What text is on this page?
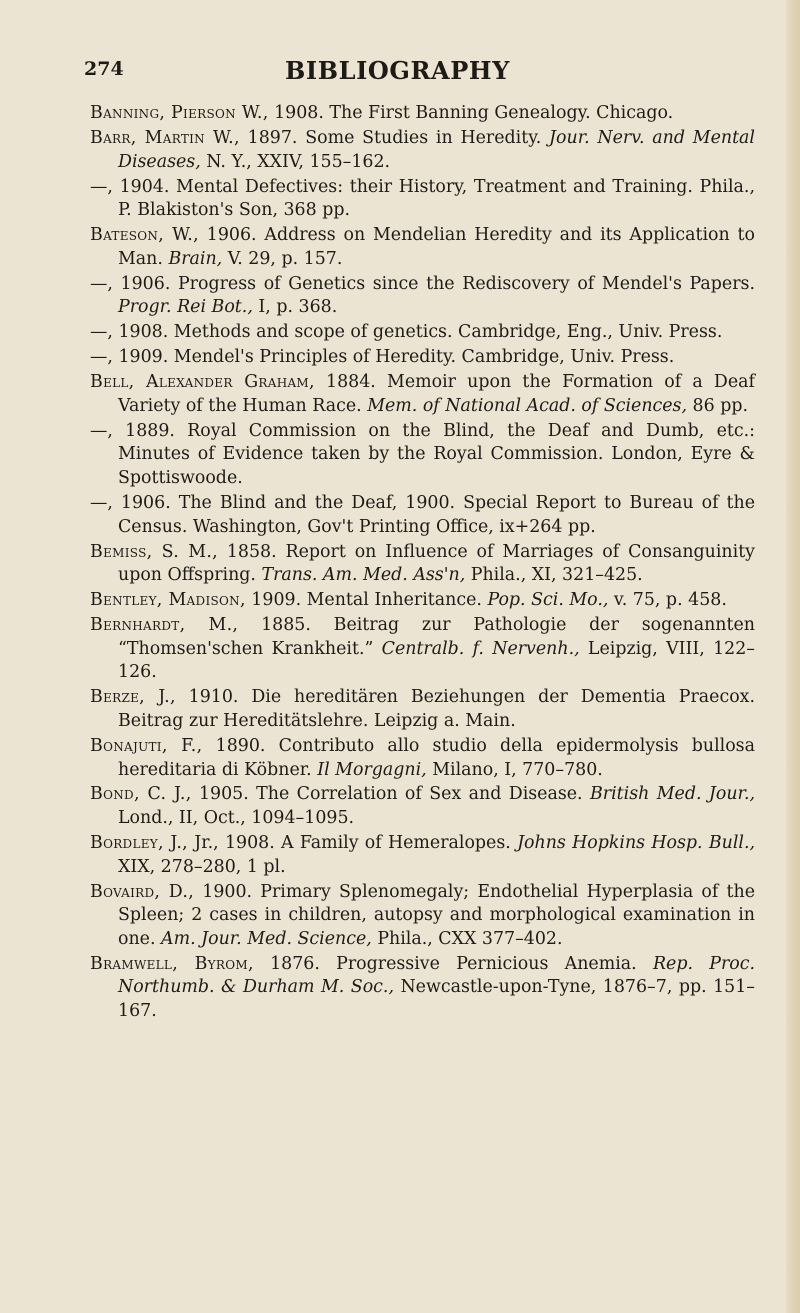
274	BIBLIOGRAPHY

Banning, Pierson W., 1908. The First Banning Genealogy. Chicago.

Barr, Martin W., 1897. Some Studies in Heredity. Jour. Nerv. and Mental Diseases, N. Y., XXIV, 155–162.

—, 1904. Mental Defectives: their History, Treatment and Training. Phila., P. Blakiston's Son, 368 pp.

Bateson, W., 1906. Address on Mendelian Heredity and its Application to Man. Brain, V. 29, p. 157.

—, 1906. Progress of Genetics since the Rediscovery of Mendel's Papers. Progr. Rei Bot., I, p. 368.

—, 1908. Methods and scope of genetics. Cambridge, Eng., Univ. Press.

—, 1909. Mendel's Principles of Heredity. Cambridge, Univ. Press.

Bell, Alexander Graham, 1884. Memoir upon the Formation of a Deaf Variety of the Human Race. Mem. of National Acad. of Sciences, 86 pp.

—, 1889. Royal Commission on the Blind, the Deaf and Dumb, etc.: Minutes of Evidence taken by the Royal Commission. London, Eyre & Spottiswoode.

—, 1906. The Blind and the Deaf, 1900. Special Report to Bureau of the Census. Washington, Gov't Printing Office, ix+264 pp.

Bemiss, S. M., 1858. Report on Influence of Marriages of Consanguinity upon Offspring. Trans. Am. Med. Ass'n, Phila., XI, 321–425.

Bentley, Madison, 1909. Mental Inheritance. Pop. Sci. Mo., v. 75, p. 458.

Bernhardt, M., 1885. Beitrag zur Pathologie der sogenannten “Thomsen'schen Krankheit.” Centralb. f. Nervenh., Leipzig, VIII, 122–126.

Berze, J., 1910. Die hereditären Beziehungen der Dementia Praecox. Beitrag zur Hereditätslehre. Leipzig a. Main.

Bonajuti, F., 1890. Contributo allo studio della epidermolysis bullosa hereditaria di Köbner. Il Morgagni, Milano, I, 770–780.

Bond, C. J., 1905. The Correlation of Sex and Disease. British Med. Jour., Lond., II, Oct., 1094–1095.

Bordley, J., Jr., 1908. A Family of Hemeralopes. Johns Hopkins Hosp. Bull., XIX, 278–280, 1 pl.

Bovaird, D., 1900. Primary Splenomegaly; Endothelial Hyperplasia of the Spleen; 2 cases in children, autopsy and morphological examination in one. Am. Jour. Med. Science, Phila., CXX 377–402.

Bramwell, Byrom, 1876. Progressive Pernicious Anemia. Rep. Proc. Northumb. & Durham M. Soc., Newcastle-upon-Tyne, 1876–7, pp. 151–167.
